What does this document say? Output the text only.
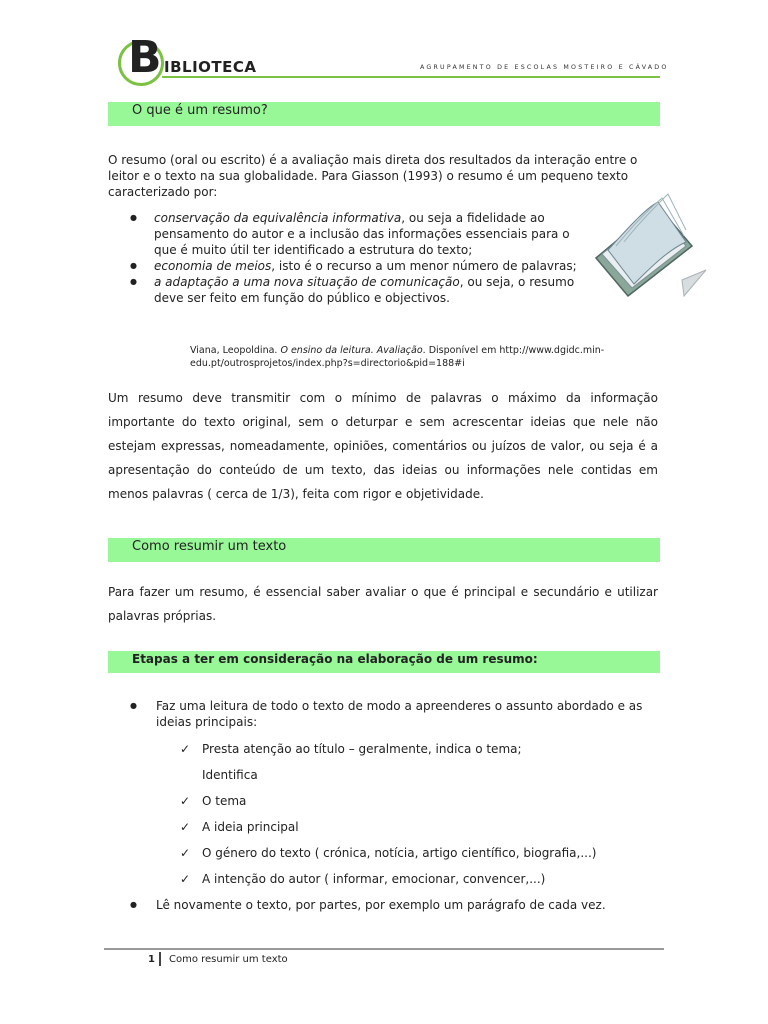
B IBLIOTECA	AGRUPAMENTO DE ESCOLAS MOSTEIRO E CÁVADO
O que é um resumo?
O resumo (oral ou escrito) é a avaliação mais direta dos resultados da interação entre o leitor e o texto na sua globalidade. Para Giasson (1993) o resumo é um pequeno texto caracterizado por:
● conservação da equivalência informativa, ou seja a fidelidade ao pensamento do autor e a inclusão das informações essenciais para o que é muito útil ter identificado a estrutura do texto;
● economia de meios, isto é o recurso a um menor número de palavras;
● a adaptação a uma nova situação de comunicação, ou seja, o resumo deve ser feito em função do público e objectivos.
Viana, Leopoldina. O ensino da leitura. Avaliação. Disponível em http://www.dgidc.min-edu.pt/outrosprojetos/index.php?s=directorio&pid=188#i
Um resumo deve transmitir com o mínimo de palavras o máximo da informação importante do texto original, sem o deturpar e sem acrescentar ideias que nele não estejam expressas, nomeadamente, opiniões, comentários ou juízos de valor, ou seja é a apresentação do conteúdo de um texto, das ideias ou informações nele contidas em menos palavras ( cerca de 1/3), feita com rigor e objetividade.
Como resumir um texto
Para fazer um resumo, é essencial saber avaliar o que é principal e secundário e utilizar palavras próprias.
Etapas a ter em consideração na elaboração de um resumo:
●	Faz uma leitura de todo o texto de modo a apreenderes o assunto abordado e as ideias principais:
✓ Presta atenção ao título – geralmente, indica o tema;
Identifica
✓ O tema
✓ A ideia principal
✓ O género do texto ( crónica, notícia, artigo científico, biografia,...)
✓ A intenção do autor ( informar, emocionar, convencer,...)
●	Lê novamente o texto, por partes, por exemplo um parágrafo de cada vez.
1 Como resumir um texto
